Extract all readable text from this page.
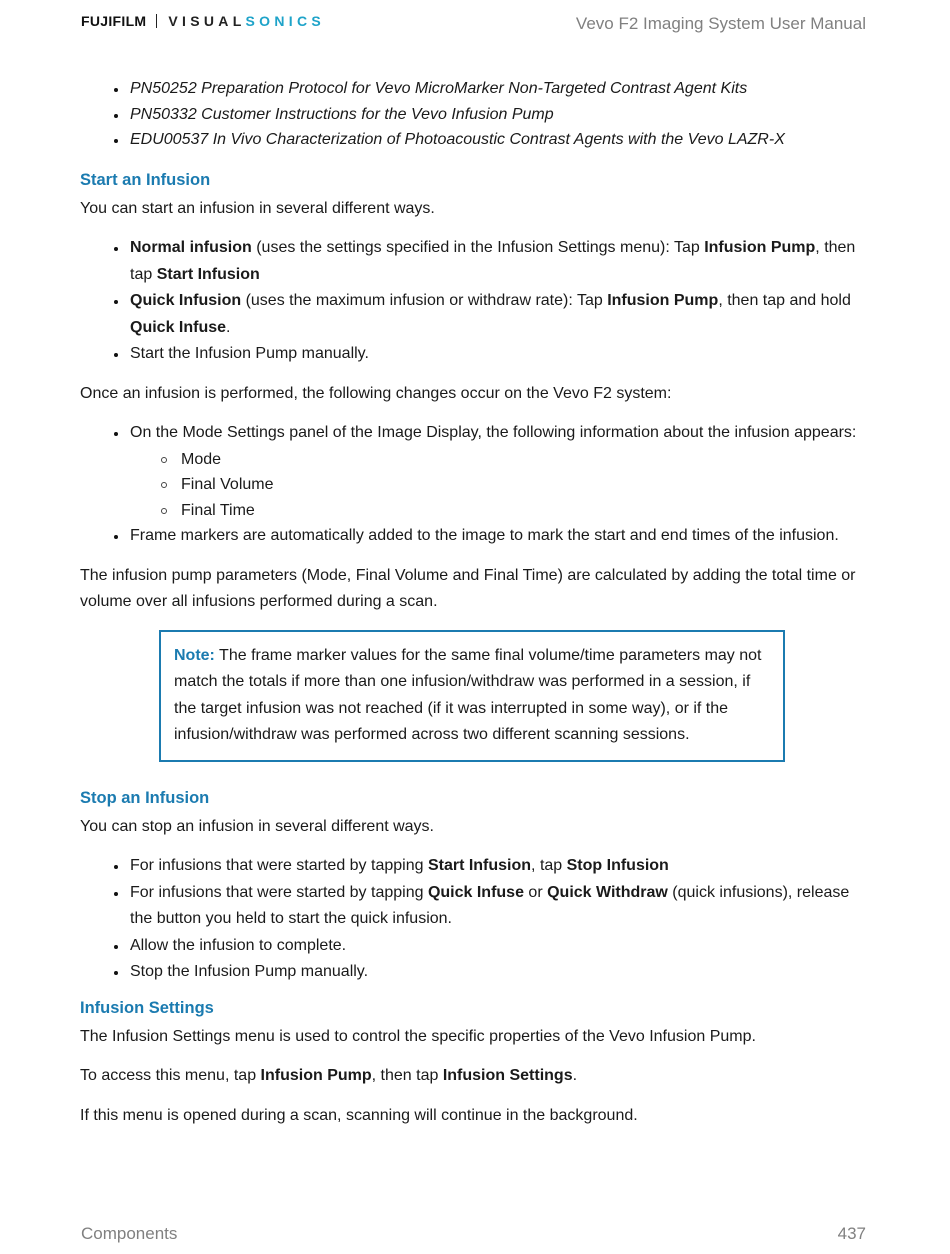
FUJIFILM VISUALSONICS	Vevo F2 Imaging System User Manual
PN50252 Preparation Protocol for Vevo MicroMarker Non-Targeted Contrast Agent Kits
PN50332 Customer Instructions for the Vevo Infusion Pump
EDU00537 In Vivo Characterization of Photoacoustic Contrast Agents with the Vevo LAZR-X
Start an Infusion

You can start an infusion in several different ways.

Normal infusion (uses the settings specified in the Infusion Settings menu): Tap Infusion Pump, then tap Start Infusion
Quick Infusion (uses the maximum infusion or withdraw rate): Tap Infusion Pump, then tap and hold Quick Infuse.
Start the Infusion Pump manually.

Once an infusion is performed, the following changes occur on the Vevo F2 system:

On the Mode Settings panel of the Image Display, the following information about the infusion appears:
Mode
Final Volume
Final Time
Frame markers are automatically added to the image to mark the start and end times of the infusion.

The infusion pump parameters (Mode, Final Volume and Final Time) are calculated by adding the total time or volume over all infusions performed during a scan.

Note: The frame marker values for the same final volume/time parameters may not match the totals if more than one infusion/withdraw was performed in a session, if the target infusion was not reached (if it was interrupted in some way), or if the infusion/withdraw was performed across two different scanning sessions.
Stop an Infusion

You can stop an infusion in several different ways.

For infusions that were started by tapping Start Infusion, tap Stop Infusion
For infusions that were started by tapping Quick Infuse or Quick Withdraw (quick infusions), release the button you held to start the quick infusion.
Allow the infusion to complete.
Stop the Infusion Pump manually.
Infusion Settings

The Infusion Settings menu is used to control the specific properties of the Vevo Infusion Pump.

To access this menu, tap Infusion Pump, then tap Infusion Settings.

If this menu is opened during a scan, scanning will continue in the background.

Components	437
